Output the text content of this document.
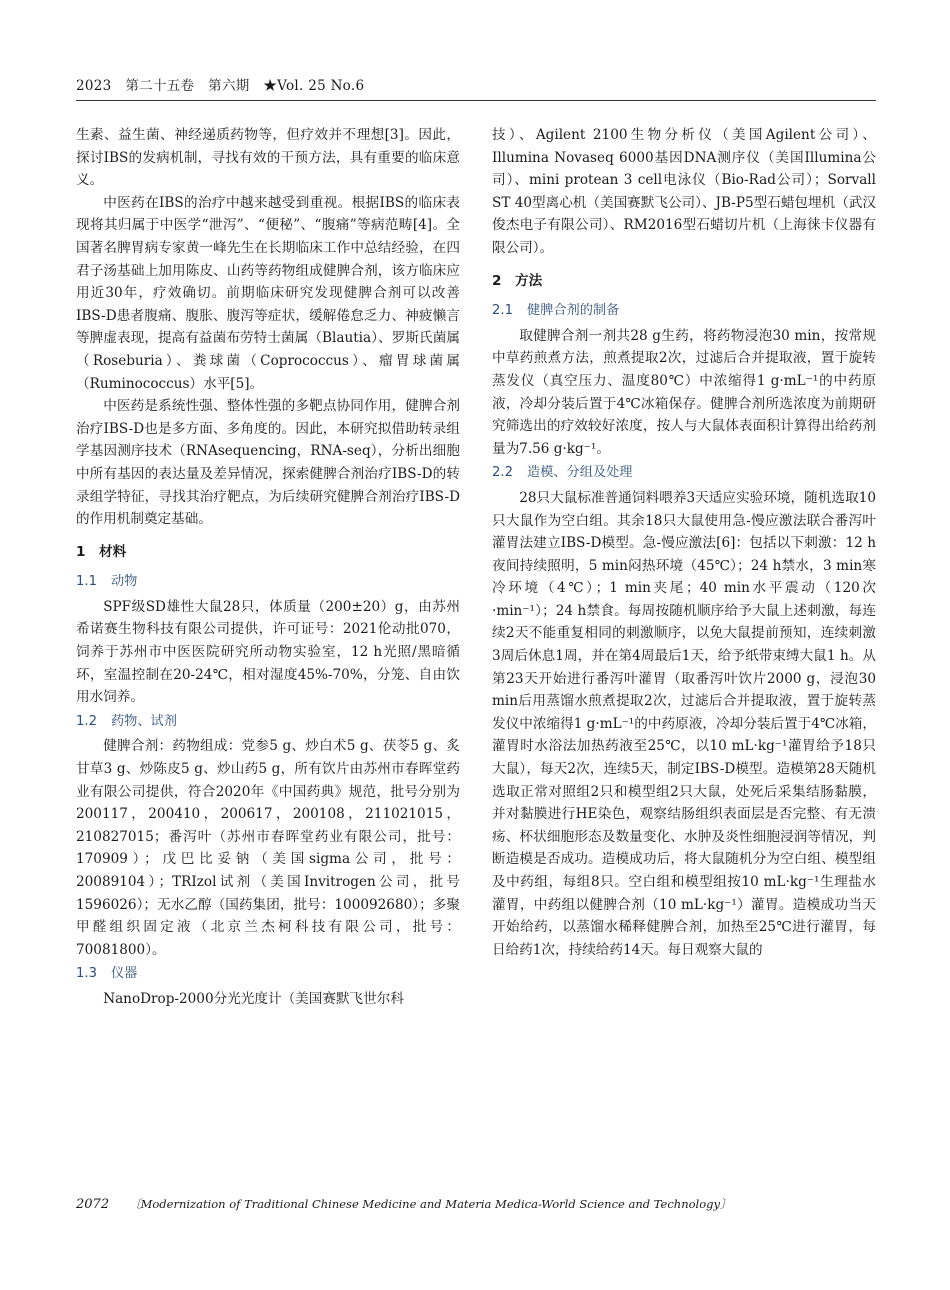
2023　第二十五卷　第六期　★Vol. 25 No.6

生素、益生菌、神经递质药物等，但疗效并不理想[3]。因此，探讨IBS的发病机制，寻找有效的干预方法，具有重要的临床意义。

中医药在IBS的治疗中越来越受到重视。根据IBS的临床表现将其归属于中医学“泄泻”、“便秘”、“腹痛”等病范畴[4]。全国著名脾胃病专家黄一峰先生在长期临床工作中总结经验，在四君子汤基础上加用陈皮、山药等药物组成健脾合剂，该方临床应用近30年，疗效确切。前期临床研究发现健脾合剂可以改善IBS-D患者腹痛、腹胀、腹泻等症状，缓解倦怠乏力、神疲懒言等脾虚表现，提高有益菌布劳特士菌属（Blautia）、罗斯氏菌属（Roseburia）、粪球菌（Coprococcus）、瘤胃球菌属（Ruminococcus）水平[5]。

中医药是系统性强、整体性强的多靶点协同作用，健脾合剂治疗IBS-D也是多方面、多角度的。因此，本研究拟借助转录组学基因测序技术（RNAsequencing，RNA-seq），分析出细胞中所有基因的表达量及差异情况，探索健脾合剂治疗IBS-D的转录组学特征，寻找其治疗靶点，为后续研究健脾合剂治疗IBS-D的作用机制奠定基础。

1　材料
1.1 动物

SPF级SD雄性大鼠28只，体质量（200±20）g，由苏州希诺赛生物科技有限公司提供，许可证号：2021伦动批070，饲养于苏州市中医医院研究所动物实验室，12 h光照/黑暗循环，室温控制在20-24℃，相对湿度45%-70%，分笼、自由饮用水饲养。

1.2 药物、试剂

健脾合剂：药物组成：党参5 g、炒白术5 g、茯苓5 g、炙甘草3 g、炒陈皮5 g、炒山药5 g，所有饮片由苏州市春晖堂药业有限公司提供，符合2020年《中国药典》规范，批号分别为200117，200410，200617，200108，211021015，210827015；番泻叶（苏州市春晖堂药业有限公司，批号：170909）；戊巴比妥钠（美国sigma公司，批号：20089104）；TRIzol试剂（美国Invitrogen公司，批号1596026）；无水乙醇（国药集团，批号：100092680）；多聚甲醛组织固定液（北京兰杰柯科技有限公司，批号：70081800）。

1.3 仪器

NanoDrop-2000分光光度计（美国赛默飞世尔科

技）、Agilent 2100生物分析仪（美国Agilent公司）、Illumina Novaseq 6000基因DNA测序仪（美国Illumina公司）、mini protean 3 cell电泳仪（Bio-Rad公司）；Sorvall ST 40型离心机（美国赛默飞公司）、JB-P5型石蜡包埋机（武汉俊杰电子有限公司）、RM2016型石蜡切片机（上海徕卡仪器有限公司）。

2　方法
2.1 健脾合剂的制备

取健脾合剂一剂共28 g生药，将药物浸泡30 min，按常规中草药煎煮方法，煎煮提取2次，过滤后合并提取液，置于旋转蒸发仪（真空压力、温度80℃）中浓缩得1 g·mL⁻¹的中药原液，冷却分装后置于4℃冰箱保存。健脾合剂所选浓度为前期研究筛选出的疗效较好浓度，按人与大鼠体表面积计算得出给药剂量为7.56 g·kg⁻¹。

2.2 造模、分组及处理

28只大鼠标准普通饲料喂养3天适应实验环境，随机选取10只大鼠作为空白组。其余18只大鼠使用急-慢应激法联合番泻叶灌胃法建立IBS-D模型。急-慢应激法[6]：包括以下刺激：12 h夜间持续照明，5 min闷热环境（45℃）；24 h禁水，3 min寒冷环境（4℃）；1 min夹尾；40 min水平震动（120次·min⁻¹）；24 h禁食。每周按随机顺序给予大鼠上述刺激，每连续2天不能重复相同的刺激顺序，以免大鼠提前预知，连续刺激3周后休息1周，并在第4周最后1天，给予纸带束缚大鼠1 h。从第23天开始进行番泻叶灌胃（取番泻叶饮片2000 g，浸泡30 min后用蒸馏水煎煮提取2次，过滤后合并提取液，置于旋转蒸发仪中浓缩得1 g·mL⁻¹的中药原液，冷却分装后置于4℃冰箱，灌胃时水浴法加热药液至25℃，以10 mL·kg⁻¹灌胃给予18只大鼠），每天2次，连续5天，制定IBS-D模型。造模第28天随机选取正常对照组2只和模型组2只大鼠，处死后采集结肠黏膜，并对黏膜进行HE染色，观察结肠组织表面层是否完整、有无溃疡、杯状细胞形态及数量变化、水肿及炎性细胞浸润等情况，判断造模是否成功。造模成功后，将大鼠随机分为空白组、模型组及中药组，每组8只。空白组和模型组按10 mL·kg⁻¹生理盐水灌胃，中药组以健脾合剂（10 mL·kg⁻¹）灌胃。造模成功当天开始给药，以蒸馏水稀释健脾合剂，加热至25℃进行灌胃，每日给药1次，持续给药14天。每日观察大鼠的

2072 〔Modernization of Traditional Chinese Medicine and Materia Medica-World Science and Technology〕
